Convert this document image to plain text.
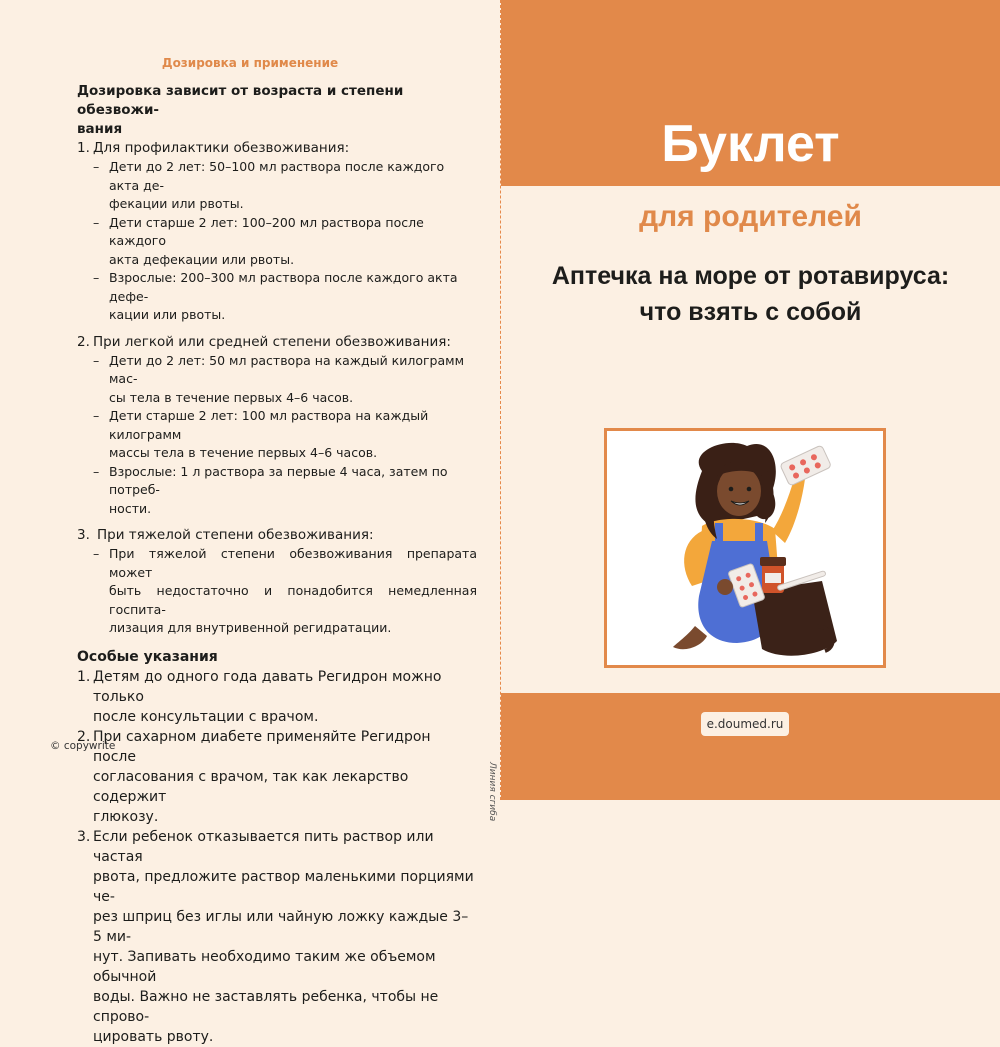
Дозировка и применение

Дозировка зависит от возраста и степени обезвожи-
вания

1. Для профилактики обезвоживания:
– Дети до 2 лет: 50–100 мл раствора после каждого акта де-
фекации или рвоты.
– Дети старше 2 лет: 100–200 мл раствора после каждого
акта дефекации или рвоты.
– Взрослые: 200–300 мл раствора после каждого акта дефе-
кации или рвоты.
2. При легкой или средней степени обезвоживания:
– Дети до 2 лет: 50 мл раствора на каждый килограмм мас-
сы тела в течение первых 4–6 часов.
– Дети старше 2 лет: 100 мл раствора на каждый килограмм
массы тела в течение первых 4–6 часов.
– Взрослые: 1 л раствора за первые 4 часа, затем по потреб-
ности.
3. При тяжелой степени обезвоживания:
– При тяжелой степени обезвоживания препарата может
быть недостаточно и понадобится немедленная госпита-
лизация для внутривенной регидратации.

Особые указания

1. Детям до одного года давать Регидрон можно только
после консультации с врачом.
2. При сахарном диабете применяйте Регидрон после
согласования с врачом, так как лекарство содержит
глюкозу.
3. Если ребенок отказывается пить раствор или частая
рвота, предложите раствор маленькими порциями че-
рез шприц без иглы или чайную ложку каждые 3–5 ми-
нут. Запивать необходимо таким же объемом обычной
воды. Важно не заставлять ребенка, чтобы не спрово-
цировать рвоту.
© copywrite
Линия сгиба
Буклет
для родителей
Аптечка на море от ротавируса:
что взять с собой
e.doumed.ru
